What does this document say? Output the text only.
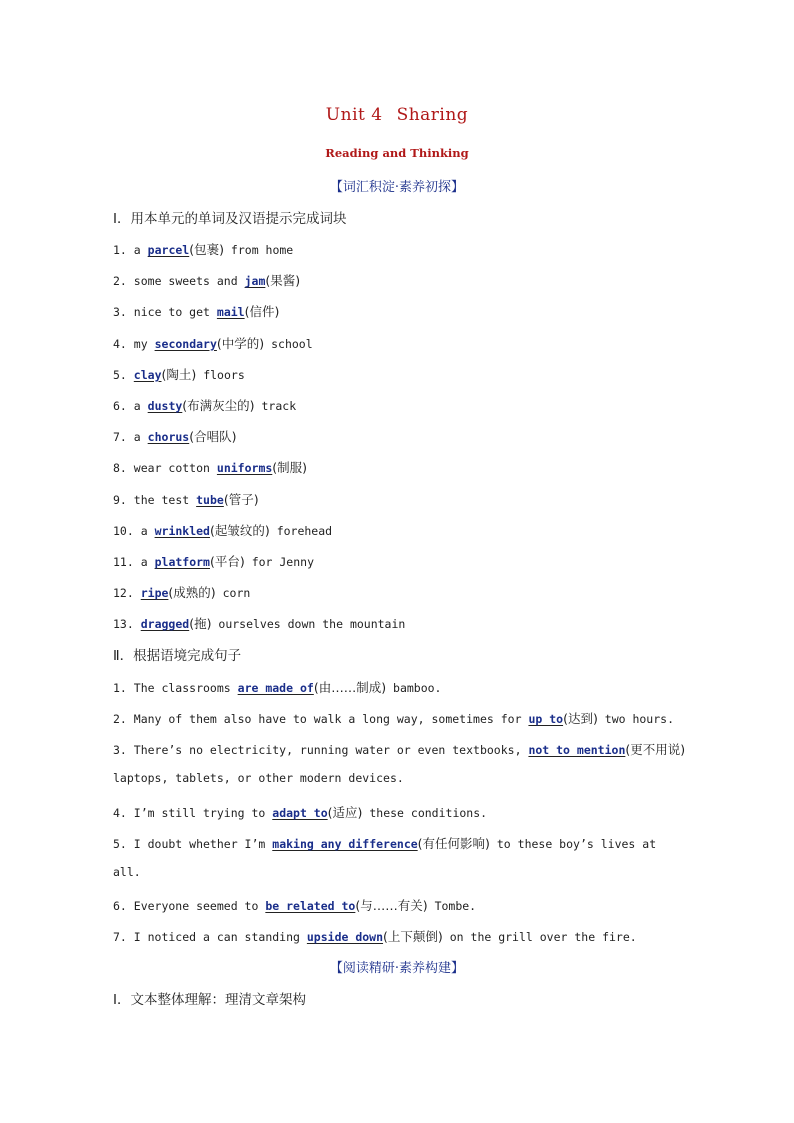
Unit 4 Sharing
Reading and Thinking
【词汇积淀·素养初探】
Ⅰ．用本单元的单词及汉语提示完成词块
1. a parcel(包裹) from home
2. some sweets and jam(果酱)
3. nice to get mail(信件)
4. my secondary(中学的) school
5. clay(陶土) floors
6. a dusty(布满灰尘的) track
7. a chorus(合唱队)
8. wear cotton uniforms(制服)
9. the test tube(管子)
10. a wrinkled(起皱纹的) forehead
11. a platform(平台) for Jenny
12. ripe(成熟的) corn
13. dragged(拖) ourselves down the mountain
Ⅱ．根据语境完成句子
1. The classrooms are made of(由……制成) bamboo.
2. Many of them also have to walk a long way, sometimes for up to(达到) two hours.
3. There’s no electricity, running water or even textbooks, not to mention(更不用说)
laptops, tablets, or other modern devices.
4. I’m still trying to adapt to(适应) these conditions.
5. I doubt whether I’m making any difference(有任何影响) to these boy’s lives at
all.
6. Everyone seemed to be related to(与……有关) Tombe.
7. I noticed a can standing upside down(上下颠倒) on the grill over the fire.
【阅读精研·素养构建】
Ⅰ．文本整体理解：理清文章架构
